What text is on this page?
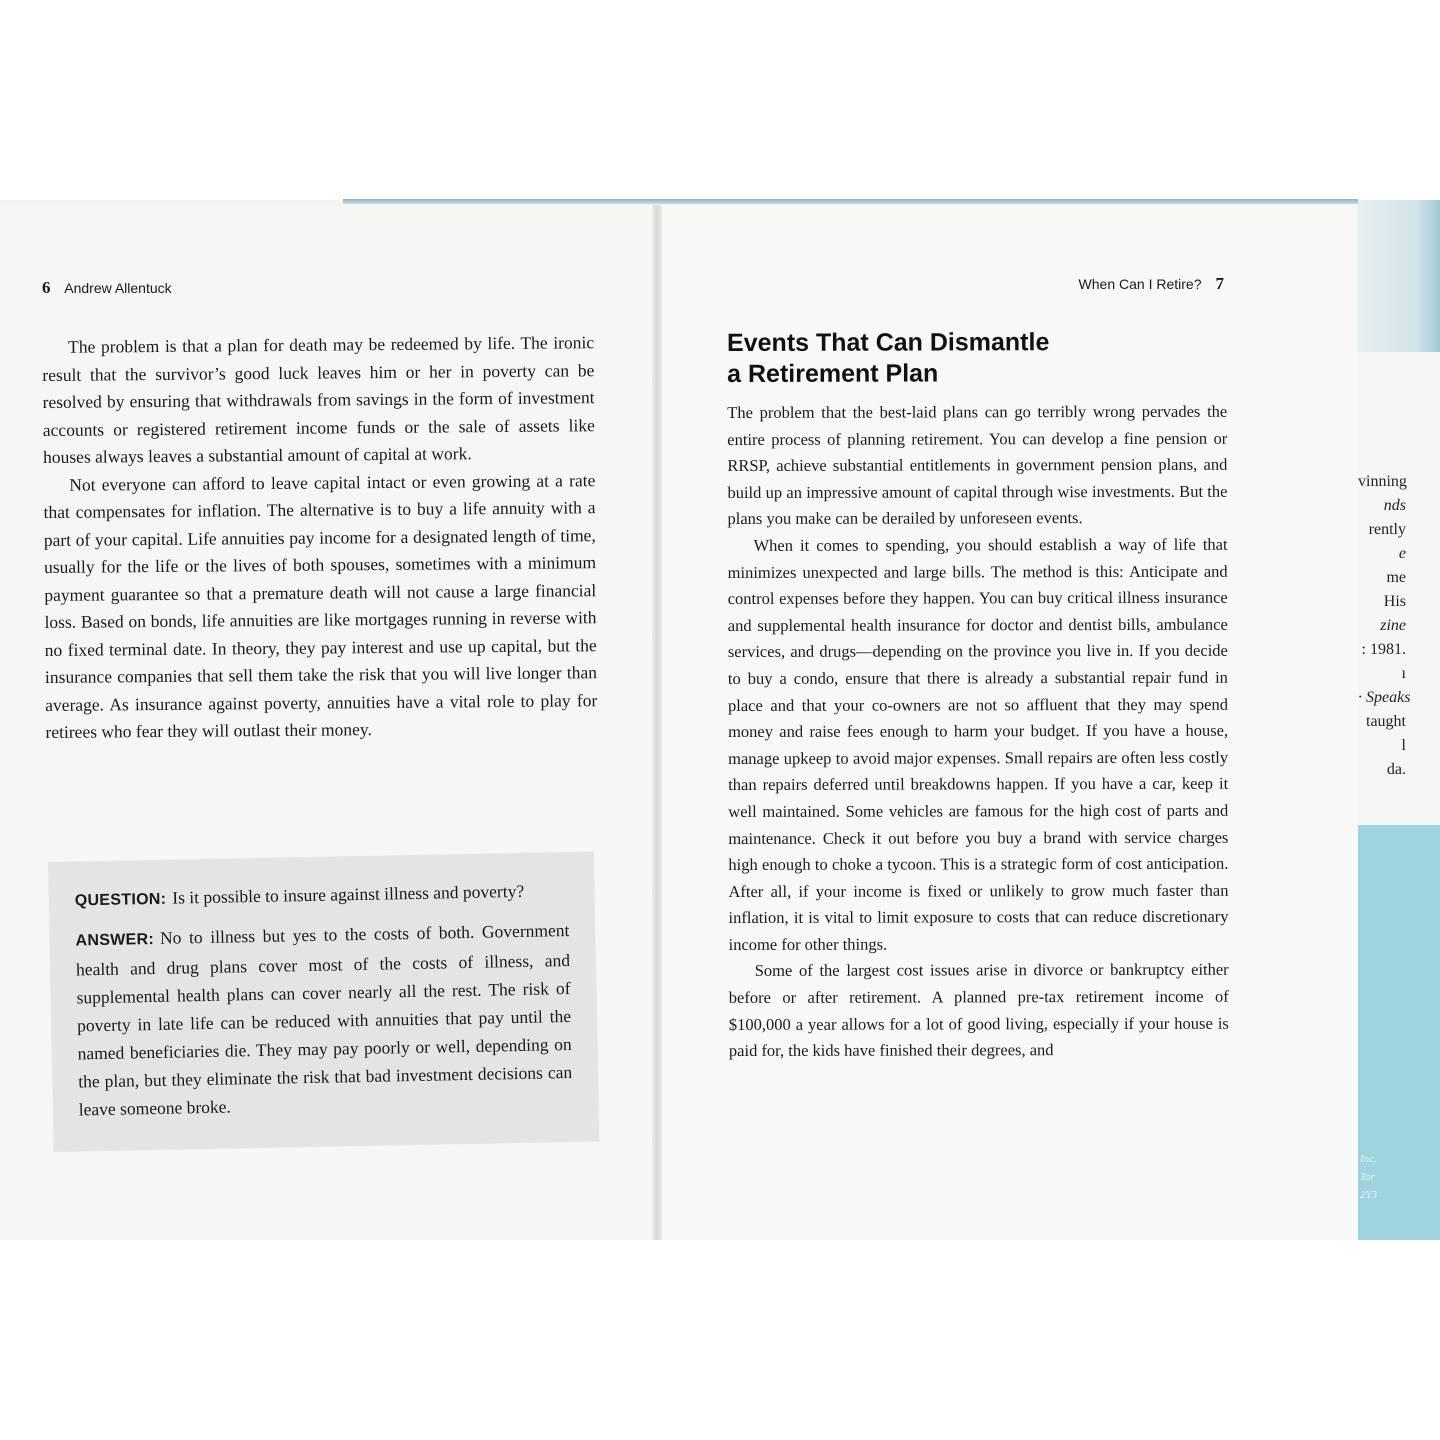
6 Andrew Allentuck

The problem is that a plan for death may be redeemed by life. The ironic result that the survivor’s good luck leaves him or her in poverty can be resolved by ensuring that withdrawals from savings in the form of investment accounts or registered retirement income funds or the sale of assets like houses always leaves a substantial amount of capital at work.

Not everyone can afford to leave capital intact or even growing at a rate that compensates for inflation. The alternative is to buy a life annuity with a part of your capital. Life annuities pay income for a designated length of time, usually for the life or the lives of both spouses, sometimes with a minimum payment guarantee so that a premature death will not cause a large financial loss. Based on bonds, life annuities are like mortgages running in reverse with no fixed terminal date. In theory, they pay interest and use up capital, but the insurance companies that sell them take the risk that you will live longer than average. As insurance against poverty, annuities have a vital role to play for retirees who fear they will outlast their money.

QUESTION: Is it possible to insure against illness and poverty?

ANSWER: No to illness but yes to the costs of both. Government health and drug plans cover most of the costs of illness, and supplemental health plans can cover nearly all the rest. The risk of poverty in late life can be reduced with annuities that pay until the named beneficiaries die. They may pay poorly or well, depending on the plan, but they eliminate the risk that bad investment decisions can leave someone broke.

When Can I Retire? 7
Events That Can Dismantle
a Retirement Plan

The problem that the best-laid plans can go terribly wrong pervades the entire process of planning retirement. You can develop a fine pension or RRSP, achieve substantial entitlements in government pension plans, and build up an impressive amount of capital through wise investments. But the plans you make can be derailed by unforeseen events.

When it comes to spending, you should establish a way of life that minimizes unexpected and large bills. The method is this: Anticipate and control expenses before they happen. You can buy critical illness insurance and supplemental health insurance for doctor and dentist bills, ambulance services, and drugs—depending on the province you live in. If you decide to buy a condo, ensure that there is already a substantial repair fund in place and that your co-owners are not so affluent that they may spend money and raise fees enough to harm your budget. If you have a house, manage upkeep to avoid major expenses. Small repairs are often less costly than repairs deferred until breakdowns happen. If you have a car, keep it well maintained. Some vehicles are famous for the high cost of parts and maintenance. Check it out before you buy a brand with service charges high enough to choke a tycoon. This is a strategic form of cost anticipation. After all, if your income is fixed or unlikely to grow much faster than inflation, it is vital to limit exposure to costs that can reduce discretionary income for other things.

Some of the largest cost issues arise in divorce or bankruptcy either before or after retirement. A planned pre-tax retirement income of $100,000 a year allows for a lot of good living, especially if your house is paid for, the kids have finished their degrees, and

vinning
nds
rently
e
me
His
zine
: 1981.
ı
· Speaks
taught
l
da.
Inc.
Tor
2Y3
